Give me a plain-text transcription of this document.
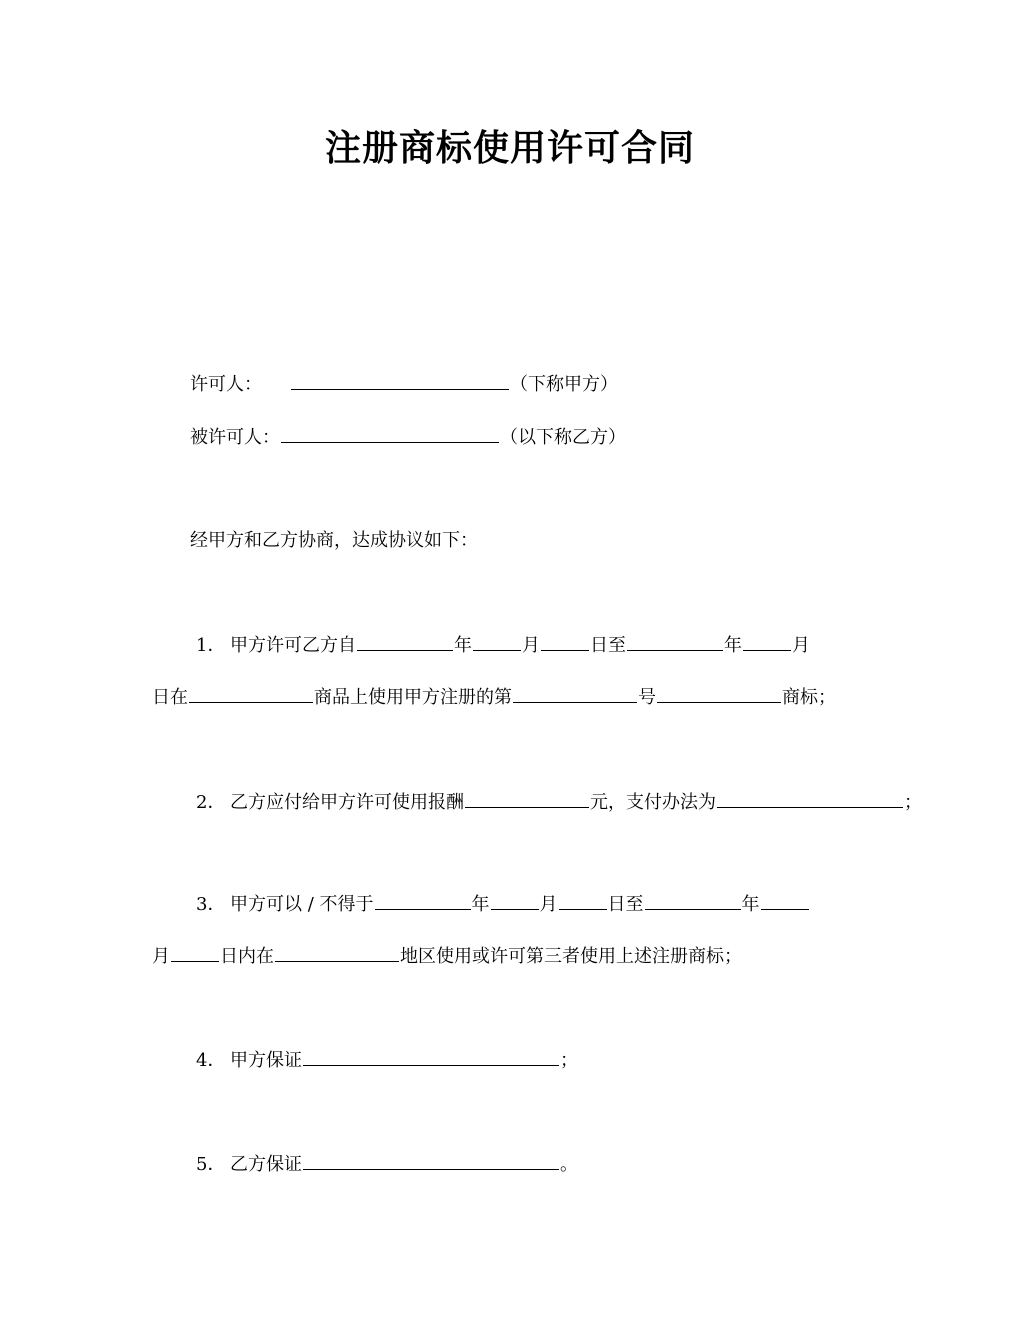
注册商标使用许可合同
许可人：	（下称甲方）
被许可人：	（以下称乙方）
经甲方和乙方协商，达成协议如下：
1． 甲方许可乙方自	年	月	日至	年	月
日在	商品上使用甲方注册的第	号	商标；
2． 乙方应付给甲方许可使用报酬	元，支付办法为	；
3． 甲方可以 / 不得于	年	月	日至	年
月	日内在	地区使用或许可第三者使用上述注册商标；
4． 甲方保证	；
5． 乙方保证	。
